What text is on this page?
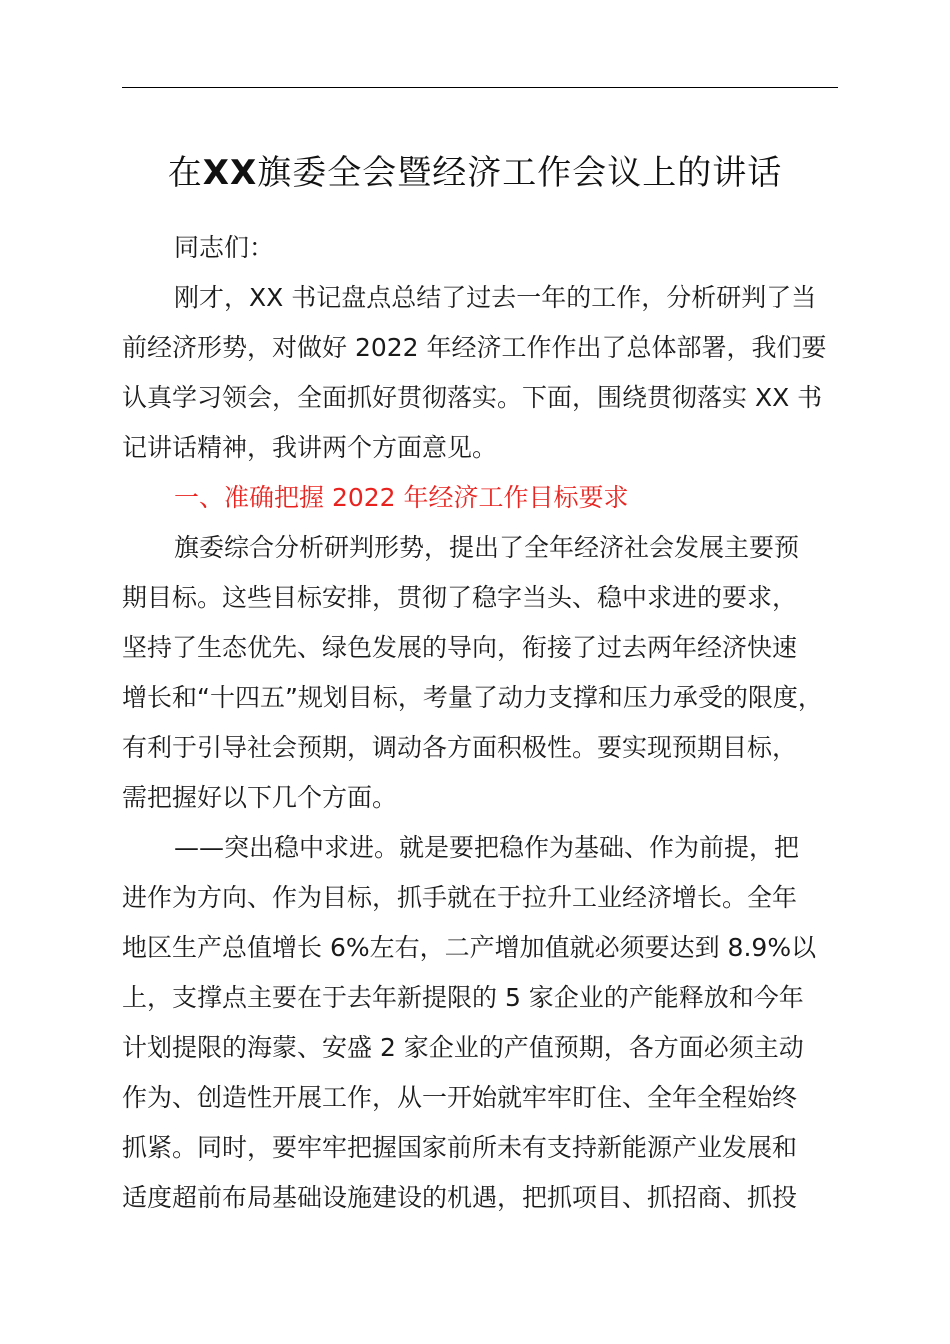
在XX旗委全会暨经济工作会议上的讲话
同志们：
刚才，XX 书记盘点总结了过去一年的工作，分析研判了当
前经济形势，对做好 2022 年经济工作作出了总体部署，我们要
认真学习领会，全面抓好贯彻落实。下面，围绕贯彻落实 XX 书
记讲话精神，我讲两个方面意见。
一、准确把握 2022 年经济工作目标要求
旗委综合分析研判形势，提出了全年经济社会发展主要预
期目标。这些目标安排，贯彻了稳字当头、稳中求进的要求，
坚持了生态优先、绿色发展的导向，衔接了过去两年经济快速
增长和“十四五”规划目标，考量了动力支撑和压力承受的限度，
有利于引导社会预期，调动各方面积极性。要实现预期目标，
需把握好以下几个方面。
——突出稳中求进。就是要把稳作为基础、作为前提，把
进作为方向、作为目标，抓手就在于拉升工业经济增长。全年
地区生产总值增长 6%左右，二产增加值就必须要达到 8.9%以
上，支撑点主要在于去年新提限的 5 家企业的产能释放和今年
计划提限的海蒙、安盛 2 家企业的产值预期，各方面必须主动
作为、创造性开展工作，从一开始就牢牢盯住、全年全程始终
抓紧。同时，要牢牢把握国家前所未有支持新能源产业发展和
适度超前布局基础设施建设的机遇，把抓项目、抓招商、抓投
